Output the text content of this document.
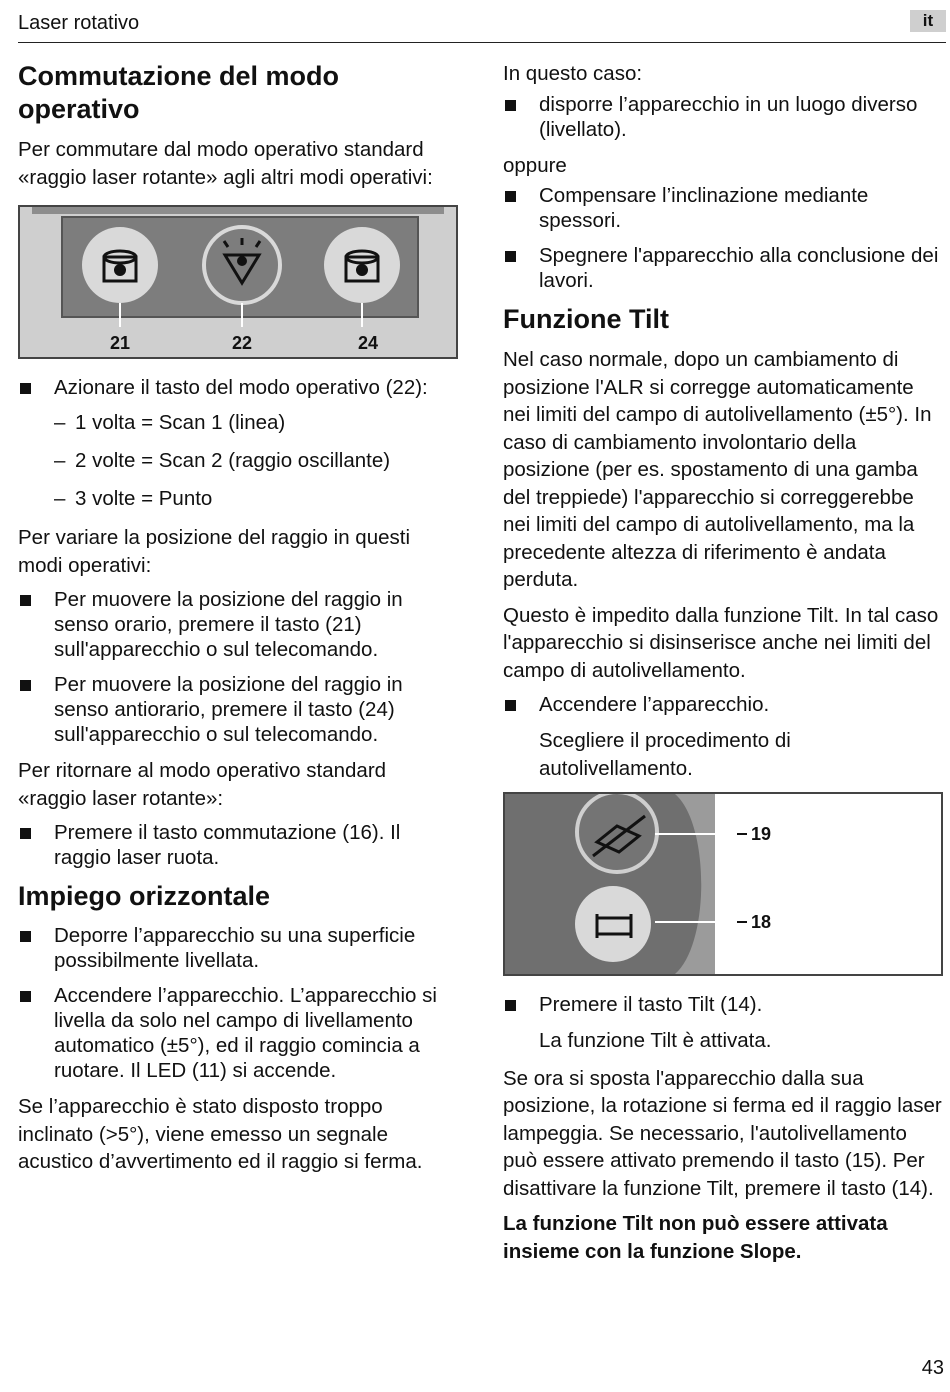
Laser rotativo	it
Commutazione del modo operativo

Per commutare dal modo operativo standard «raggio laser rotante» agli altri modi operativi:

21	22	24
Azionare il tasto del modo operativo (22):
– 1 volta = Scan 1 (linea)
– 2 volte = Scan 2 (raggio oscillante)
– 3 volte = Punto

Per variare la posizione del raggio in questi modi operativi:

Per muovere la posizione del raggio in senso orario, premere il tasto (21) sull'apparecchio o sul telecomando.
Per muovere la posizione del raggio in senso antiorario, premere il tasto (24) sull'apparecchio o sul telecomando.

Per ritornare al modo operativo standard «raggio laser rotante»:

Premere il tasto commutazione (16). Il raggio laser ruota.
Impiego orizzontale
Deporre l’apparecchio su una superficie possibilmente livellata.
Accendere l’apparecchio. L’apparecchio si livella da solo nel campo di livellamento automatico (±5°), ed il raggio comincia a ruotare. Il LED (11) si accende.

Se l’apparecchio è stato disposto troppo inclinato (>5°), viene emesso un segnale acustico d’avvertimento ed il raggio si ferma.

In questo caso:

disporre l’apparecchio in un luogo diverso (livellato).

oppure

Compensare l’inclinazione mediante spessori.
Spegnere l'apparecchio alla conclusione dei lavori.
Funzione Tilt

Nel caso normale, dopo un cambiamento di posizione l'ALR si corregge automaticamente nei limiti del campo di autolivellamento (±5°). In caso di cambiamento involontario della posizione (per es. spostamento di una gamba del treppiede) l'apparecchio si correggerebbe nei limiti del campo di autolivellamento, ma la precedente altezza di riferimento è andata perduta.

Questo è impedito dalla funzione Tilt. In tal caso l'apparecchio si disinserisce anche nei limiti del campo di autolivellamento.

Accendere l’apparecchio.
Scegliere il procedimento di autolivellamento.
19
18
Premere il tasto Tilt (14).
La funzione Tilt è attivata.

Se ora si sposta l'apparecchio dalla sua posizione, la rotazione si ferma ed il raggio laser lampeggia. Se necessario, l'autolivellamento può essere attivato premendo il tasto (15). Per disattivare la funzione Tilt, premere il tasto (14).

La funzione Tilt non può essere attivata insieme con la funzione Slope.

43
